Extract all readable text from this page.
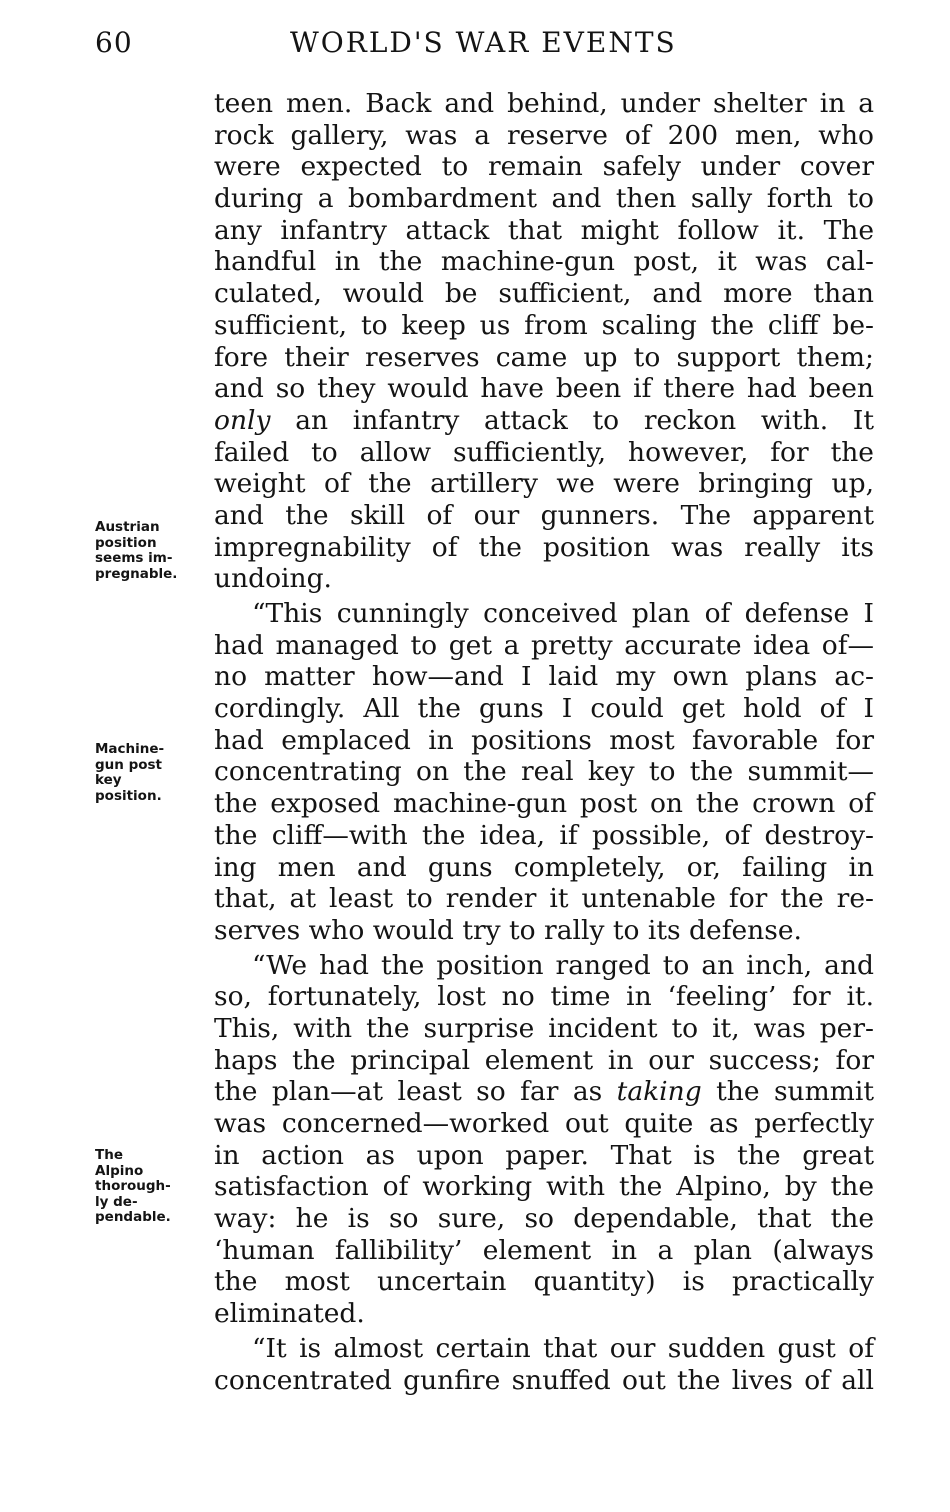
60	WORLD'S WAR EVENTS
Austrian
position
seems im-
pregnable.
Machine-
gun post
key
position.
The
Alpino
thorough-
ly de-
pendable.
teen men. Back and behind, under shelter in a
rock gallery, was a reserve of 200 men, who
were expected to remain safely under cover
during a bombardment and then sally forth to
any infantry attack that might follow it. The
handful in the machine-gun post, it was cal-
culated, would be sufficient, and more than
sufficient, to keep us from scaling the cliff be-
fore their reserves came up to support them;
and so they would have been if there had been
only an infantry attack to reckon with. It
failed to allow sufficiently, however, for the
weight of the artillery we were bringing up,
and the skill of our gunners. The apparent
impregnability of the position was really its
undoing.
“This cunningly conceived plan of defense I
had managed to get a pretty accurate idea of—
no matter how—and I laid my own plans ac-
cordingly. All the guns I could get hold of I
had emplaced in positions most favorable for
concentrating on the real key to the summit—
the exposed machine-gun post on the crown of
the cliff—with the idea, if possible, of destroy-
ing men and guns completely, or, failing in
that, at least to render it untenable for the re-
serves who would try to rally to its defense.
“We had the position ranged to an inch, and
so, fortunately, lost no time in ‘feeling’ for it.
This, with the surprise incident to it, was per-
haps the principal element in our success; for
the plan—at least so far as taking the summit
was concerned—worked out quite as perfectly
in action as upon paper. That is the great
satisfaction of working with the Alpino, by the
way: he is so sure, so dependable, that the
‘human fallibility’ element in a plan (always
the most uncertain quantity) is practically
eliminated.
“It is almost certain that our sudden gust of
concentrated gunfire snuffed out the lives of all
